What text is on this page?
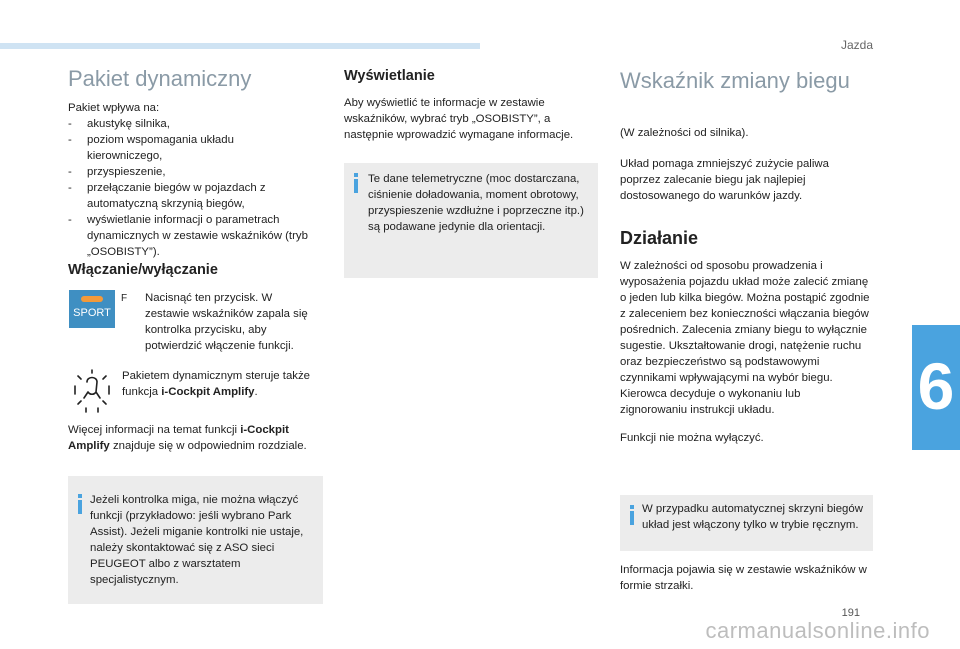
Jazda
6
Pakiet dynamiczny

Pakiet wpływa na:

- akustykę silnika,
- poziom wspomagania układu kierowniczego,
- przyspieszenie,
- przełączanie biegów w pojazdach z automatyczną skrzynią biegów,
- wyświetlanie informacji o parametrach dynamicznych w zestawie wskaźników (tryb „OSOBISTY”).
Włączanie/wyłączanie
SPORT
F Nacisnąć ten przycisk. W zestawie wskaźników zapala się kontrolka przycisku, aby potwierdzić włączenie funkcji.

Pakietem dynamicznym steruje także funkcja i-Cockpit Amplify.

Więcej informacji na temat funkcji i-Cockpit Amplify znajduje się w odpowiednim rozdziale.

Jeżeli kontrolka miga, nie można włączyć funkcji (przykładowo: jeśli wybrano Park Assist). Jeżeli miganie kontrolki nie ustaje, należy skontaktować się z ASO sieci PEUGEOT albo z warsztatem specjalistycznym.
Wyświetlanie

Aby wyświetlić te informacje w zestawie wskaźników, wybrać tryb „OSOBISTY”, a następnie wprowadzić wymagane informacje.

Te dane telemetryczne (moc dostarczana, ciśnienie doładowania, moment obrotowy, przyspieszenie wzdłużne i poprzeczne itp.) są podawane jedynie dla orientacji.
Wskaźnik zmiany biegu

(W zależności od silnika).

Układ pomaga zmniejszyć zużycie paliwa poprzez zalecanie biegu jak najlepiej dostosowanego do warunków jazdy.

Działanie

W zależności od sposobu prowadzenia i wyposażenia pojazdu układ może zalecić zmianę o jeden lub kilka biegów. Można postąpić zgodnie z zaleceniem bez konieczności włączania biegów pośrednich. Zalecenia zmiany biegu to wyłącznie sugestie. Ukształtowanie drogi, natężenie ruchu oraz bezpieczeństwo są podstawowymi czynnikami wpływającymi na wybór biegu. Kierowca decyduje o wykonaniu lub zignorowaniu instrukcji układu.

Funkcji nie można wyłączyć.

W przypadku automatycznej skrzyni biegów układ jest włączony tylko w trybie ręcznym.

Informacja pojawia się w zestawie wskaźników w formie strzałki.

191
carmanualsonline.info
